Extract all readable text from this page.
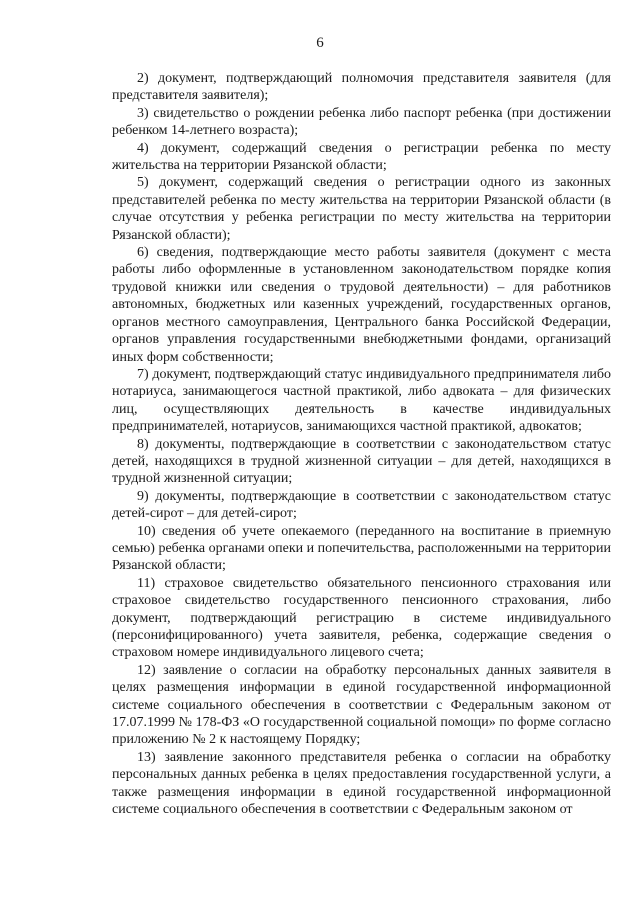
6

2) документ, подтверждающий полномочия представителя заявителя (для представителя заявителя);

3) свидетельство о рождении ребенка либо паспорт ребенка (при достижении ребенком 14-летнего возраста);

4) документ, содержащий сведения о регистрации ребенка по месту жительства на территории Рязанской области;

5) документ, содержащий сведения о регистрации одного из законных представителей ребенка по месту жительства на территории Рязанской области (в случае отсутствия у ребенка регистрации по месту жительства на территории Рязанской области);

6) сведения, подтверждающие место работы заявителя (документ с места работы либо оформленные в установленном законодательством порядке копия трудовой книжки или сведения о трудовой деятельности) – для работников автономных, бюджетных или казенных учреждений, государственных органов, органов местного самоуправления, Центрального банка Российской Федерации, органов управления государственными внебюджетными фондами, организаций иных форм собственности;

7) документ, подтверждающий статус индивидуального предпринимателя либо нотариуса, занимающегося частной практикой, либо адвоката – для физических лиц, осуществляющих деятельность в качестве индивидуальных предпринимателей, нотариусов, занимающихся частной практикой, адвокатов;

8) документы, подтверждающие в соответствии с законодательством статус детей, находящихся в трудной жизненной ситуации – для детей, находящихся в трудной жизненной ситуации;

9) документы, подтверждающие в соответствии с законодательством статус детей-сирот – для детей-сирот;

10) сведения об учете опекаемого (переданного на воспитание в приемную семью) ребенка органами опеки и попечительства, расположенными на территории Рязанской области;

11) страховое свидетельство обязательного пенсионного страхования или страховое свидетельство государственного пенсионного страхования, либо документ, подтверждающий регистрацию в системе индивидуального (персонифицированного) учета заявителя, ребенка, содержащие сведения о страховом номере индивидуального лицевого счета;

12) заявление о согласии на обработку персональных данных заявителя в целях размещения информации в единой государственной информационной системе социального обеспечения в соответствии с Федеральным законом от 17.07.1999 № 178-ФЗ «О государственной социальной помощи» по форме согласно приложению № 2 к настоящему Порядку;

13) заявление законного представителя ребенка о согласии на обработку персональных данных ребенка в целях предоставления государственной услуги, а также размещения информации в единой государственной информационной системе социального обеспечения в соответствии с Федеральным законом от
